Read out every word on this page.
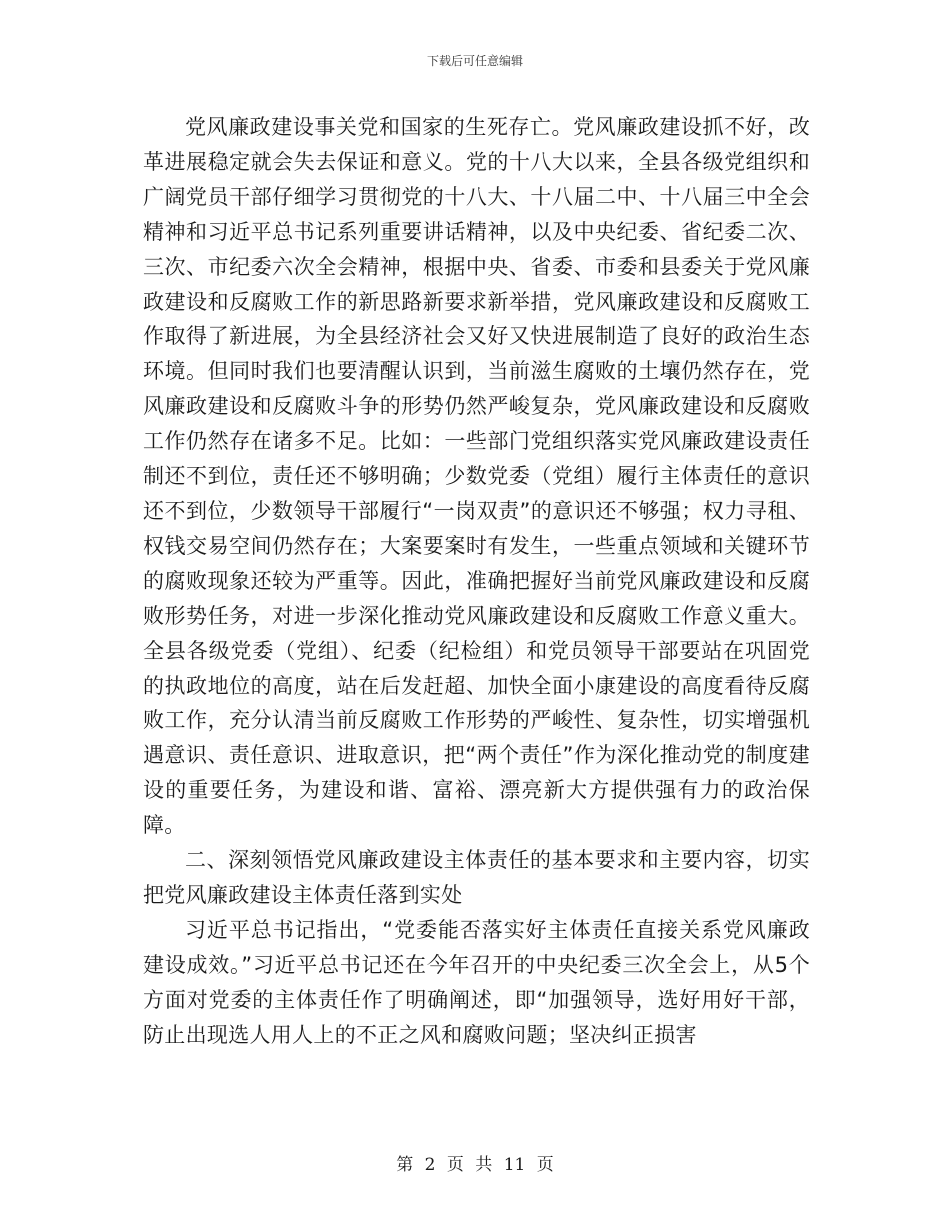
下载后可任意编辑

党风廉政建设事关党和国家的生死存亡。党风廉政建设抓不好，改革进展稳定就会失去保证和意义。党的十八大以来，全县各级党组织和广阔党员干部仔细学习贯彻党的十八大、十八届二中、十八届三中全会精神和习近平总书记系列重要讲话精神，以及中央纪委、省纪委二次、三次、市纪委六次全会精神，根据中央、省委、市委和县委关于党风廉政建设和反腐败工作的新思路新要求新举措，党风廉政建设和反腐败工作取得了新进展，为全县经济社会又好又快进展制造了良好的政治生态环境。但同时我们也要清醒认识到，当前滋生腐败的土壤仍然存在，党风廉政建设和反腐败斗争的形势仍然严峻复杂，党风廉政建设和反腐败工作仍然存在诸多不足。比如：一些部门党组织落实党风廉政建设责任制还不到位，责任还不够明确；少数党委（党组）履行主体责任的意识还不到位，少数领导干部履行“一岗双责”的意识还不够强；权力寻租、权钱交易空间仍然存在；大案要案时有发生，一些重点领域和关键环节的腐败现象还较为严重等。因此，准确把握好当前党风廉政建设和反腐败形势任务，对进一步深化推动党风廉政建设和反腐败工作意义重大。全县各级党委（党组）、纪委（纪检组）和党员领导干部要站在巩固党的执政地位的高度，站在后发赶超、加快全面小康建设的高度看待反腐败工作，充分认清当前反腐败工作形势的严峻性、复杂性，切实增强机遇意识、责任意识、进取意识，把“两个责任”作为深化推动党的制度建设的重要任务，为建设和谐、富裕、漂亮新大方提供强有力的政治保障。

二、深刻领悟党风廉政建设主体责任的基本要求和主要内容，切实把党风廉政建设主体责任落到实处

习近平总书记指出，“党委能否落实好主体责任直接关系党风廉政建设成效。”习近平总书记还在今年召开的中央纪委三次全会上，从5个方面对党委的主体责任作了明确阐述，即“加强领导，选好用好干部，防止出现选人用人上的不正之风和腐败问题；坚决纠正损害

第 2 页 共 11 页
